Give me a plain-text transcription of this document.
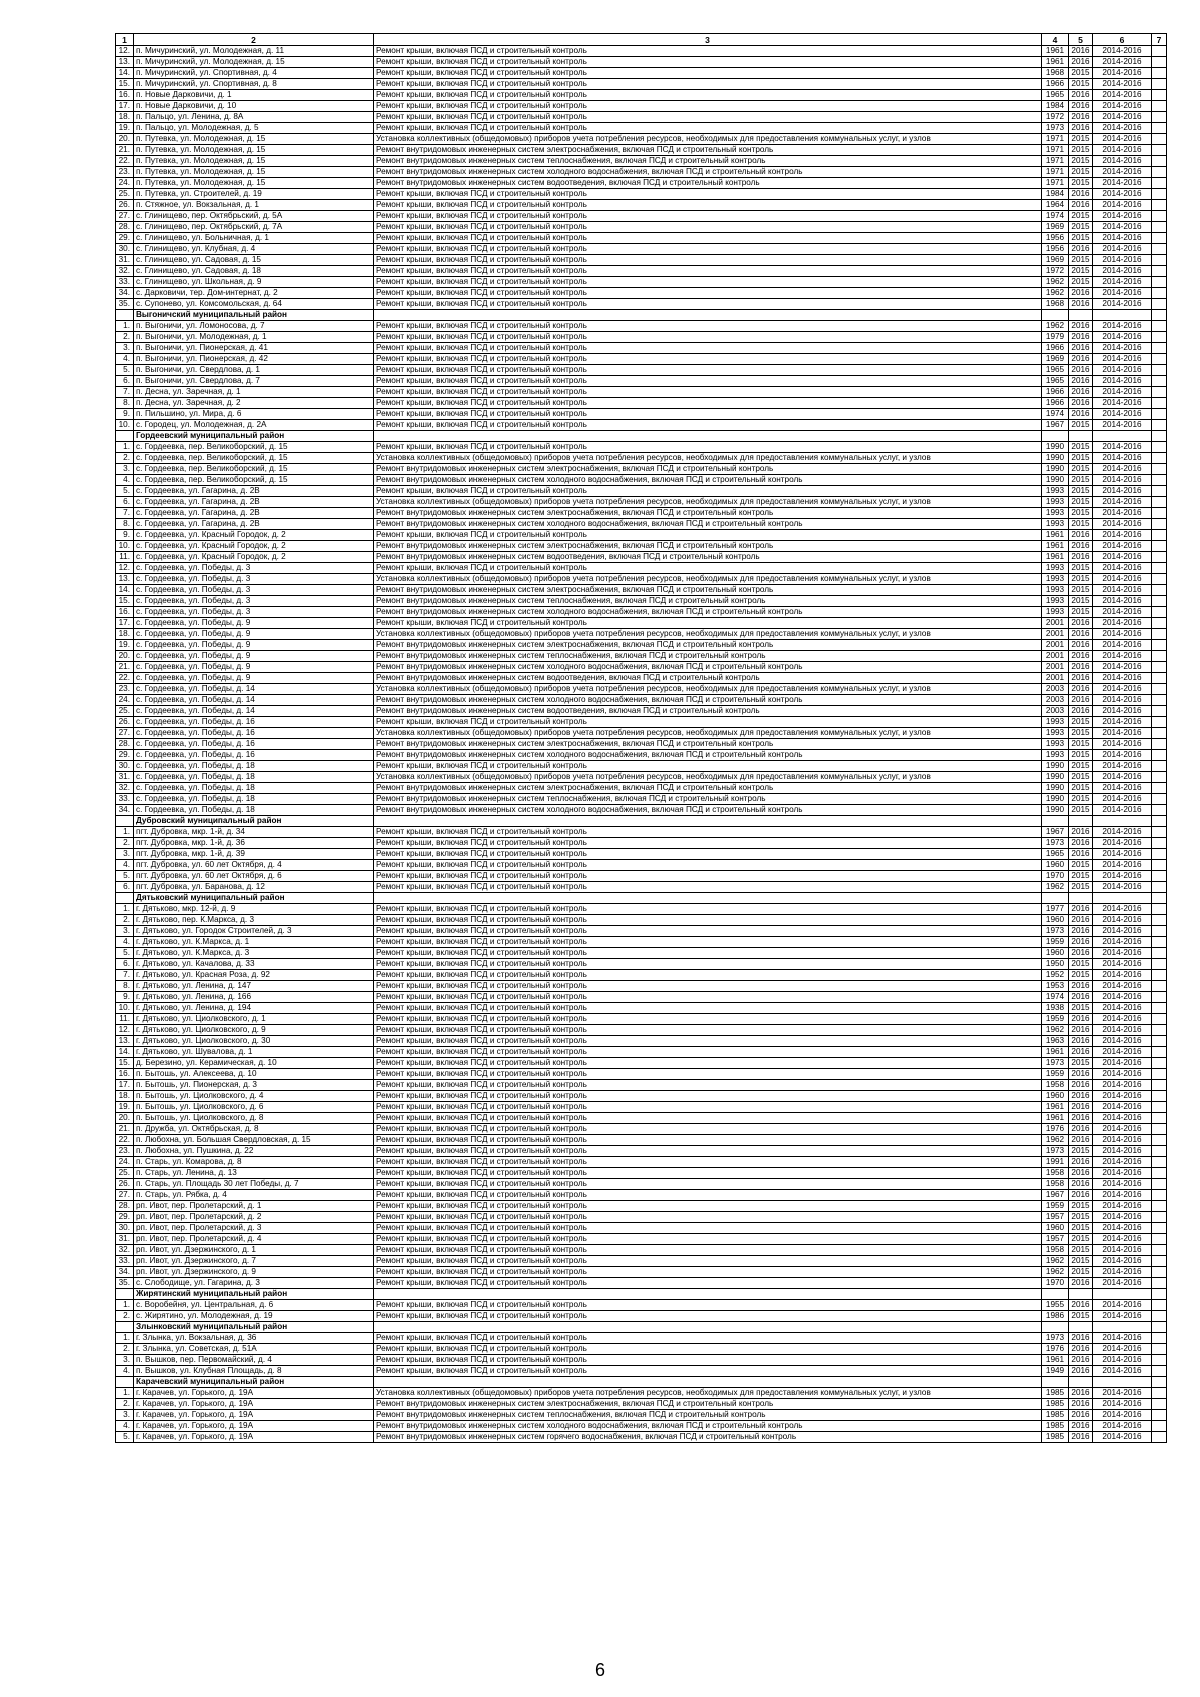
1	2	3	4	5	6	7
12.	п. Мичуринский, ул. Молодежная, д. 11	Ремонт крыши, включая ПСД и строительный контроль	1961	2016	2014-2016	
13.	п. Мичуринский, ул. Молодежная, д. 15	Ремонт крыши, включая ПСД и строительный контроль	1961	2016	2014-2016	
14.	п. Мичуринский, ул. Спортивная, д. 4	Ремонт крыши, включая ПСД и строительный контроль	1968	2015	2014-2016	
15.	п. Мичуринский, ул. Спортивная, д. 8	Ремонт крыши, включая ПСД и строительный контроль	1966	2015	2014-2016	
16.	п. Новые Дарковичи, д. 1	Ремонт крыши, включая ПСД и строительный контроль	1965	2016	2014-2016	
17.	п. Новые Дарковичи, д. 10	Ремонт крыши, включая ПСД и строительный контроль	1984	2016	2014-2016	
18.	п. Пальцо, ул. Ленина, д. 8А	Ремонт крыши, включая ПСД и строительный контроль	1972	2016	2014-2016	
19.	п. Пальцо, ул. Молодежная, д. 5	Ремонт крыши, включая ПСД и строительный контроль	1973	2016	2014-2016	
20.	п. Путевка, ул. Молодежная, д. 15	Установка коллективных (общедомовых) приборов учета потребления ресурсов, необходимых для предоставления коммунальных услуг, и узлов	1971	2015	2014-2016	
21.	п. Путевка, ул. Молодежная, д. 15	Ремонт внутридомовых инженерных систем электроснабжения, включая ПСД и строительный контроль	1971	2015	2014-2016	
22.	п. Путевка, ул. Молодежная, д. 15	Ремонт внутридомовых инженерных систем теплоснабжения, включая ПСД и строительный контроль	1971	2015	2014-2016	
23.	п. Путевка, ул. Молодежная, д. 15	Ремонт внутридомовых инженерных систем холодного водоснабжения, включая ПСД и строительный контроль	1971	2015	2014-2016	
24.	п. Путевка, ул. Молодежная, д. 15	Ремонт внутридомовых инженерных систем водоотведения, включая ПСД и строительный контроль	1971	2015	2014-2016	
25.	п. Путевка, ул. Строителей, д. 19	Ремонт крыши, включая ПСД и строительный контроль	1984	2016	2014-2016	
26.	п. Стяжное, ул. Вокзальная, д. 1	Ремонт крыши, включая ПСД и строительный контроль	1964	2016	2014-2016	
27.	с. Глинищево, пер. Октябрьский, д. 5А	Ремонт крыши, включая ПСД и строительный контроль	1974	2015	2014-2016	
28.	с. Глинищево, пер. Октябрьский, д. 7А	Ремонт крыши, включая ПСД и строительный контроль	1969	2015	2014-2016	
29.	с. Глинищево, ул. Больничная, д. 1	Ремонт крыши, включая ПСД и строительный контроль	1956	2015	2014-2016	
30.	с. Глинищево, ул. Клубная, д. 4	Ремонт крыши, включая ПСД и строительный контроль	1956	2016	2014-2016	
31.	с. Глинищево, ул. Садовая, д. 15	Ремонт крыши, включая ПСД и строительный контроль	1969	2015	2014-2016	
32.	с. Глинищево, ул. Садовая, д. 18	Ремонт крыши, включая ПСД и строительный контроль	1972	2015	2014-2016	
33.	с. Глинищево, ул. Школьная, д. 9	Ремонт крыши, включая ПСД и строительный контроль	1962	2015	2014-2016	
34.	с. Дарковичи, тер. Дом-интернат, д. 2	Ремонт крыши, включая ПСД и строительный контроль	1962	2016	2014-2016	
35.	с. Супонево, ул. Комсомольская, д. 64	Ремонт крыши, включая ПСД и строительный контроль	1968	2016	2014-2016	
	Выгоничский муниципальный район					
1.	п. Выгоничи, ул. Ломоносова, д. 7	Ремонт крыши, включая ПСД и строительный контроль	1962	2016	2014-2016	
2.	п. Выгоничи, ул. Молодежная, д. 1	Ремонт крыши, включая ПСД и строительный контроль	1979	2016	2014-2016	
3.	п. Выгоничи, ул. Пионерская, д. 41	Ремонт крыши, включая ПСД и строительный контроль	1966	2016	2014-2016	
4.	п. Выгоничи, ул. Пионерская, д. 42	Ремонт крыши, включая ПСД и строительный контроль	1969	2016	2014-2016	
5.	п. Выгоничи, ул. Свердлова, д. 1	Ремонт крыши, включая ПСД и строительный контроль	1965	2016	2014-2016	
6.	п. Выгоничи, ул. Свердлова, д. 7	Ремонт крыши, включая ПСД и строительный контроль	1965	2016	2014-2016	
7.	п. Десна, ул. Заречная, д. 1	Ремонт крыши, включая ПСД и строительный контроль	1966	2016	2014-2016	
8.	п. Десна, ул. Заречная, д. 2	Ремонт крыши, включая ПСД и строительный контроль	1966	2016	2014-2016	
9.	п. Пильшино, ул. Мира, д. 6	Ремонт крыши, включая ПСД и строительный контроль	1974	2016	2014-2016	
10.	с. Городец, ул. Молодежная, д. 2А	Ремонт крыши, включая ПСД и строительный контроль	1967	2015	2014-2016	
	Гордеевский муниципальный район					
1.	с. Гордеевка, пер. Великоборский, д. 15	Ремонт крыши, включая ПСД и строительный контроль	1990	2015	2014-2016	
2.	с. Гордеевка, пер. Великоборский, д. 15	Установка коллективных (общедомовых) приборов учета потребления ресурсов, необходимых для предоставления коммунальных услуг, и узлов	1990	2015	2014-2016	
3.	с. Гордеевка, пер. Великоборский, д. 15	Ремонт внутридомовых инженерных систем электроснабжения, включая ПСД и строительный контроль	1990	2015	2014-2016	
4.	с. Гордеевка, пер. Великоборский, д. 15	Ремонт внутридомовых инженерных систем холодного водоснабжения, включая ПСД и строительный контроль	1990	2015	2014-2016	
5.	с. Гордеевка, ул. Гагарина, д. 2В	Ремонт крыши, включая ПСД и строительный контроль	1993	2015	2014-2016	
6.	с. Гордеевка, ул. Гагарина, д. 2В	Установка коллективных (общедомовых) приборов учета потребления ресурсов, необходимых для предоставления коммунальных услуг, и узлов	1993	2015	2014-2016	
7.	с. Гордеевка, ул. Гагарина, д. 2В	Ремонт внутридомовых инженерных систем электроснабжения, включая ПСД и строительный контроль	1993	2015	2014-2016	
8.	с. Гордеевка, ул. Гагарина, д. 2В	Ремонт внутридомовых инженерных систем холодного водоснабжения, включая ПСД и строительный контроль	1993	2015	2014-2016	
9.	с. Гордеевка, ул. Красный Городок, д. 2	Ремонт крыши, включая ПСД и строительный контроль	1961	2016	2014-2016	
10.	с. Гордеевка, ул. Красный Городок, д. 2	Ремонт внутридомовых инженерных систем электроснабжения, включая ПСД и строительный контроль	1961	2016	2014-2016	
11.	с. Гордеевка, ул. Красный Городок, д. 2	Ремонт внутридомовых инженерных систем водоотведения, включая ПСД и строительный контроль	1961	2016	2014-2016	
12.	с. Гордеевка, ул. Победы, д. 3	Ремонт крыши, включая ПСД и строительный контроль	1993	2015	2014-2016	
13.	с. Гордеевка, ул. Победы, д. 3	Установка коллективных (общедомовых) приборов учета потребления ресурсов, необходимых для предоставления коммунальных услуг, и узлов	1993	2015	2014-2016	
14.	с. Гордеевка, ул. Победы, д. 3	Ремонт внутридомовых инженерных систем электроснабжения, включая ПСД и строительный контроль	1993	2015	2014-2016	
15.	с. Гордеевка, ул. Победы, д. 3	Ремонт внутридомовых инженерных систем теплоснабжения, включая ПСД и строительный контроль	1993	2015	2014-2016	
16.	с. Гордеевка, ул. Победы, д. 3	Ремонт внутридомовых инженерных систем холодного водоснабжения, включая ПСД и строительный контроль	1993	2015	2014-2016	
17.	с. Гордеевка, ул. Победы, д. 9	Ремонт крыши, включая ПСД и строительный контроль	2001	2016	2014-2016	
18.	с. Гордеевка, ул. Победы, д. 9	Установка коллективных (общедомовых) приборов учета потребления ресурсов, необходимых для предоставления коммунальных услуг, и узлов	2001	2016	2014-2016	
19.	с. Гордеевка, ул. Победы, д. 9	Ремонт внутридомовых инженерных систем электроснабжения, включая ПСД и строительный контроль	2001	2016	2014-2016	
20.	с. Гордеевка, ул. Победы, д. 9	Ремонт внутридомовых инженерных систем теплоснабжения, включая ПСД и строительный контроль	2001	2016	2014-2016	
21.	с. Гордеевка, ул. Победы, д. 9	Ремонт внутридомовых инженерных систем холодного водоснабжения, включая ПСД и строительный контроль	2001	2016	2014-2016	
22.	с. Гордеевка, ул. Победы, д. 9	Ремонт внутридомовых инженерных систем водоотведения, включая ПСД и строительный контроль	2001	2016	2014-2016	
23.	с. Гордеевка, ул. Победы, д. 14	Установка коллективных (общедомовых) приборов учета потребления ресурсов, необходимых для предоставления коммунальных услуг, и узлов	2003	2016	2014-2016	
24.	с. Гордеевка, ул. Победы, д. 14	Ремонт внутридомовых инженерных систем холодного водоснабжения, включая ПСД и строительный контроль	2003	2016	2014-2016	
25.	с. Гордеевка, ул. Победы, д. 14	Ремонт внутридомовых инженерных систем водоотведения, включая ПСД и строительный контроль	2003	2016	2014-2016	
26.	с. Гордеевка, ул. Победы, д. 16	Ремонт крыши, включая ПСД и строительный контроль	1993	2015	2014-2016	
27.	с. Гордеевка, ул. Победы, д. 16	Установка коллективных (общедомовых) приборов учета потребления ресурсов, необходимых для предоставления коммунальных услуг, и узлов	1993	2015	2014-2016	
28.	с. Гордеевка, ул. Победы, д. 16	Ремонт внутридомовых инженерных систем электроснабжения, включая ПСД и строительный контроль	1993	2015	2014-2016	
29.	с. Гордеевка, ул. Победы, д. 16	Ремонт внутридомовых инженерных систем холодного водоснабжения, включая ПСД и строительный контроль	1993	2015	2014-2016	
30.	с. Гордеевка, ул. Победы, д. 18	Ремонт крыши, включая ПСД и строительный контроль	1990	2015	2014-2016	
31.	с. Гордеевка, ул. Победы, д. 18	Установка коллективных (общедомовых) приборов учета потребления ресурсов, необходимых для предоставления коммунальных услуг, и узлов	1990	2015	2014-2016	
32.	с. Гордеевка, ул. Победы, д. 18	Ремонт внутридомовых инженерных систем электроснабжения, включая ПСД и строительный контроль	1990	2015	2014-2016	
33.	с. Гордеевка, ул. Победы, д. 18	Ремонт внутридомовых инженерных систем теплоснабжения, включая ПСД и строительный контроль	1990	2015	2014-2016	
34.	с. Гордеевка, ул. Победы, д. 18	Ремонт внутридомовых инженерных систем холодного водоснабжения, включая ПСД и строительный контроль	1990	2015	2014-2016	
	Дубровский муниципальный район					
1.	пгт. Дубровка, мкр. 1-й, д. 34	Ремонт крыши, включая ПСД и строительный контроль	1967	2016	2014-2016	
2.	пгт. Дубровка, мкр. 1-й, д. 36	Ремонт крыши, включая ПСД и строительный контроль	1973	2016	2014-2016	
3.	пгт. Дубровка, мкр. 1-й, д. 39	Ремонт крыши, включая ПСД и строительный контроль	1965	2016	2014-2016	
4.	пгт. Дубровка, ул. 60 лет Октября, д. 4	Ремонт крыши, включая ПСД и строительный контроль	1960	2015	2014-2016	
5.	пгт. Дубровка, ул. 60 лет Октября, д. 6	Ремонт крыши, включая ПСД и строительный контроль	1970	2015	2014-2016	
6.	пгт. Дубровка, ул. Баранова, д. 12	Ремонт крыши, включая ПСД и строительный контроль	1962	2015	2014-2016	
	Дятьковский муниципальный район					
1.	г. Дятьково, мкр. 12-й, д. 9	Ремонт крыши, включая ПСД и строительный контроль	1977	2016	2014-2016	
2.	г. Дятьково, пер. К.Маркса, д. 3	Ремонт крыши, включая ПСД и строительный контроль	1960	2016	2014-2016	
3.	г. Дятьково, ул. Городок Строителей, д. 3	Ремонт крыши, включая ПСД и строительный контроль	1973	2016	2014-2016	
4.	г. Дятьково, ул. К.Маркса, д. 1	Ремонт крыши, включая ПСД и строительный контроль	1959	2016	2014-2016	
5.	г. Дятьково, ул. К.Маркса, д. 3	Ремонт крыши, включая ПСД и строительный контроль	1960	2016	2014-2016	
6.	г. Дятьково, ул. Качалова, д. 33	Ремонт крыши, включая ПСД и строительный контроль	1950	2015	2014-2016	
7.	г. Дятьково, ул. Красная Роза, д. 92	Ремонт крыши, включая ПСД и строительный контроль	1952	2015	2014-2016	
8.	г. Дятьково, ул. Ленина, д. 147	Ремонт крыши, включая ПСД и строительный контроль	1953	2016	2014-2016	
9.	г. Дятьково, ул. Ленина, д. 166	Ремонт крыши, включая ПСД и строительный контроль	1974	2016	2014-2016	
10.	г. Дятьково, ул. Ленина, д. 194	Ремонт крыши, включая ПСД и строительный контроль	1938	2015	2014-2016	
11.	г. Дятьково, ул. Циолковского, д. 1	Ремонт крыши, включая ПСД и строительный контроль	1959	2016	2014-2016	
12.	г. Дятьково, ул. Циолковского, д. 9	Ремонт крыши, включая ПСД и строительный контроль	1962	2016	2014-2016	
13.	г. Дятьково, ул. Циолковского, д. 30	Ремонт крыши, включая ПСД и строительный контроль	1963	2016	2014-2016	
14.	г. Дятьково, ул. Шувалова, д. 1	Ремонт крыши, включая ПСД и строительный контроль	1961	2016	2014-2016	
15.	д. Березино, ул. Керамическая, д. 10	Ремонт крыши, включая ПСД и строительный контроль	1973	2015	2014-2016	
16.	п. Бытошь, ул. Алексеева, д. 10	Ремонт крыши, включая ПСД и строительный контроль	1959	2016	2014-2016	
17.	п. Бытошь, ул. Пионерская, д. 3	Ремонт крыши, включая ПСД и строительный контроль	1958	2016	2014-2016	
18.	п. Бытошь, ул. Циолковского, д. 4	Ремонт крыши, включая ПСД и строительный контроль	1960	2016	2014-2016	
19.	п. Бытошь, ул. Циолковского, д. 6	Ремонт крыши, включая ПСД и строительный контроль	1961	2016	2014-2016	
20.	п. Бытошь, ул. Циолковского, д. 8	Ремонт крыши, включая ПСД и строительный контроль	1961	2016	2014-2016	
21.	п. Дружба, ул. Октябрьская, д. 8	Ремонт крыши, включая ПСД и строительный контроль	1976	2016	2014-2016	
22.	п. Любохна, ул. Большая Свердловская, д. 15	Ремонт крыши, включая ПСД и строительный контроль	1962	2016	2014-2016	
23.	п. Любохна, ул. Пушкина, д. 22	Ремонт крыши, включая ПСД и строительный контроль	1973	2015	2014-2016	
24.	п. Старь, ул. Комарова, д. 8	Ремонт крыши, включая ПСД и строительный контроль	1991	2016	2014-2016	
25.	п. Старь, ул. Ленина, д. 13	Ремонт крыши, включая ПСД и строительный контроль	1958	2016	2014-2016	
26.	п. Старь, ул. Площадь 30 лет Победы, д. 7	Ремонт крыши, включая ПСД и строительный контроль	1958	2016	2014-2016	
27.	п. Старь, ул. Рябка, д. 4	Ремонт крыши, включая ПСД и строительный контроль	1967	2016	2014-2016	
28.	рп. Ивот, пер. Пролетарский, д. 1	Ремонт крыши, включая ПСД и строительный контроль	1959	2015	2014-2016	
29.	рп. Ивот, пер. Пролетарский, д. 2	Ремонт крыши, включая ПСД и строительный контроль	1957	2015	2014-2016	
30.	рп. Ивот, пер. Пролетарский, д. 3	Ремонт крыши, включая ПСД и строительный контроль	1960	2015	2014-2016	
31.	рп. Ивот, пер. Пролетарский, д. 4	Ремонт крыши, включая ПСД и строительный контроль	1957	2015	2014-2016	
32.	рп. Ивот, ул. Дзержинского, д. 1	Ремонт крыши, включая ПСД и строительный контроль	1958	2015	2014-2016	
33.	рп. Ивот, ул. Дзержинского, д. 7	Ремонт крыши, включая ПСД и строительный контроль	1962	2015	2014-2016	
34.	рп. Ивот, ул. Дзержинского, д. 9	Ремонт крыши, включая ПСД и строительный контроль	1962	2015	2014-2016	
35.	с. Слободище, ул. Гагарина, д. 3	Ремонт крыши, включая ПСД и строительный контроль	1970	2016	2014-2016	
	Жирятинский муниципальный район					
1.	с. Воробейня, ул. Центральная, д. 6	Ремонт крыши, включая ПСД и строительный контроль	1955	2016	2014-2016	
2.	с. Жирятино, ул. Молодежная, д. 19	Ремонт крыши, включая ПСД и строительный контроль	1986	2015	2014-2016	
	Злынковский муниципальный район					
1.	г. Злынка, ул. Вокзальная, д. 36	Ремонт крыши, включая ПСД и строительный контроль	1973	2016	2014-2016	
2.	г. Злынка, ул. Советская, д. 51А	Ремонт крыши, включая ПСД и строительный контроль	1976	2016	2014-2016	
3.	п. Вышков, пер. Первомайский, д. 4	Ремонт крыши, включая ПСД и строительный контроль	1961	2016	2014-2016	
4.	п. Вышков, ул. Клубная Площадь, д. 8	Ремонт крыши, включая ПСД и строительный контроль	1949	2016	2014-2016	
	Карачевский муниципальный район					
1.	г. Карачев, ул. Горького, д. 19А	Установка коллективных (общедомовых) приборов учета потребления ресурсов, необходимых для предоставления коммунальных услуг, и узлов	1985	2016	2014-2016	
2.	г. Карачев, ул. Горького, д. 19А	Ремонт внутридомовых инженерных систем электроснабжения, включая ПСД и строительный контроль	1985	2016	2014-2016	
3.	г. Карачев, ул. Горького, д. 19А	Ремонт внутридомовых инженерных систем теплоснабжения, включая ПСД и строительный контроль	1985	2016	2014-2016	
4.	г. Карачев, ул. Горького, д. 19А	Ремонт внутридомовых инженерных систем холодного водоснабжения, включая ПСД и строительный контроль	1985	2016	2014-2016	
5.	г. Карачев, ул. Горького, д. 19А	Ремонт внутридомовых инженерных систем горячего водоснабжения, включая ПСД и строительный контроль	1985	2016	2014-2016	
6
